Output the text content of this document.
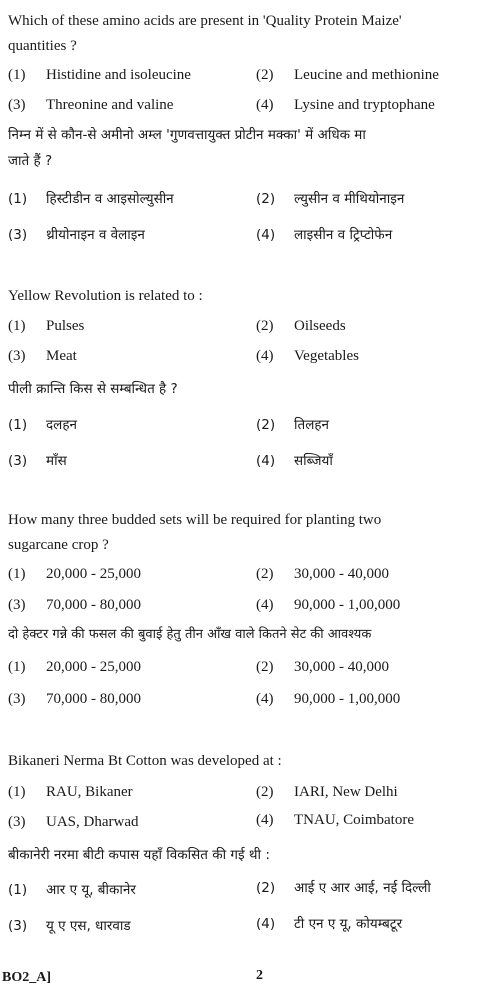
Which of these amino acids are present in 'Quality Protein Maize'
quantities ?
(1) Histidine and isoleucine	(2) Leucine and methionine
(3) Threonine and valine	(4) Lysine and tryptophane
निम्न में से कौन-से अमीनो अम्ल 'गुणवत्तायुक्त प्रोटीन मक्का' में अधिक मा
जाते हैं ?
(1) हिस्टीडीन व आइसोल्युसीन	(2) ल्युसीन व मीथियोनाइन
(3) थ्रीयोनाइन व वेलाइन	(4) लाइसीन व ट्रिप्टोफेन
Yellow Revolution is related to :
(1) Pulses	(2) Oilseeds
(3) Meat	(4) Vegetables
पीली क्रान्ति किस से सम्बन्धित है ?
(1) दलहन	(2) तिलहन
(3) माँस	(4) सब्जियाँ
How many three budded sets will be required for planting two
sugarcane crop ?
(1) 20,000 - 25,000	(2) 30,000 - 40,000
(3) 70,000 - 80,000	(4) 90,000 - 1,00,000
दो हेक्टर गन्ने की फसल की बुवाई हेतु तीन आँख वाले कितने सेट की आवश्यक
(1) 20,000 - 25,000	(2) 30,000 - 40,000
(3) 70,000 - 80,000	(4) 90,000 - 1,00,000
Bikaneri Nerma Bt Cotton was developed at :
(1) RAU, Bikaner	(2) IARI, New Delhi
(3) UAS, Dharwad	(4) TNAU, Coimbatore
बीकानेरी नरमा बीटी कपास यहाँ विकसित की गई थी :
(1) आर ए यू, बीकानेर	(2) आई ए आर आई, नई दिल्ली
(3) यू ए एस, धारवाड	(4) टी एन ए यू, कोयम्बटूर
BO2_A]	2
